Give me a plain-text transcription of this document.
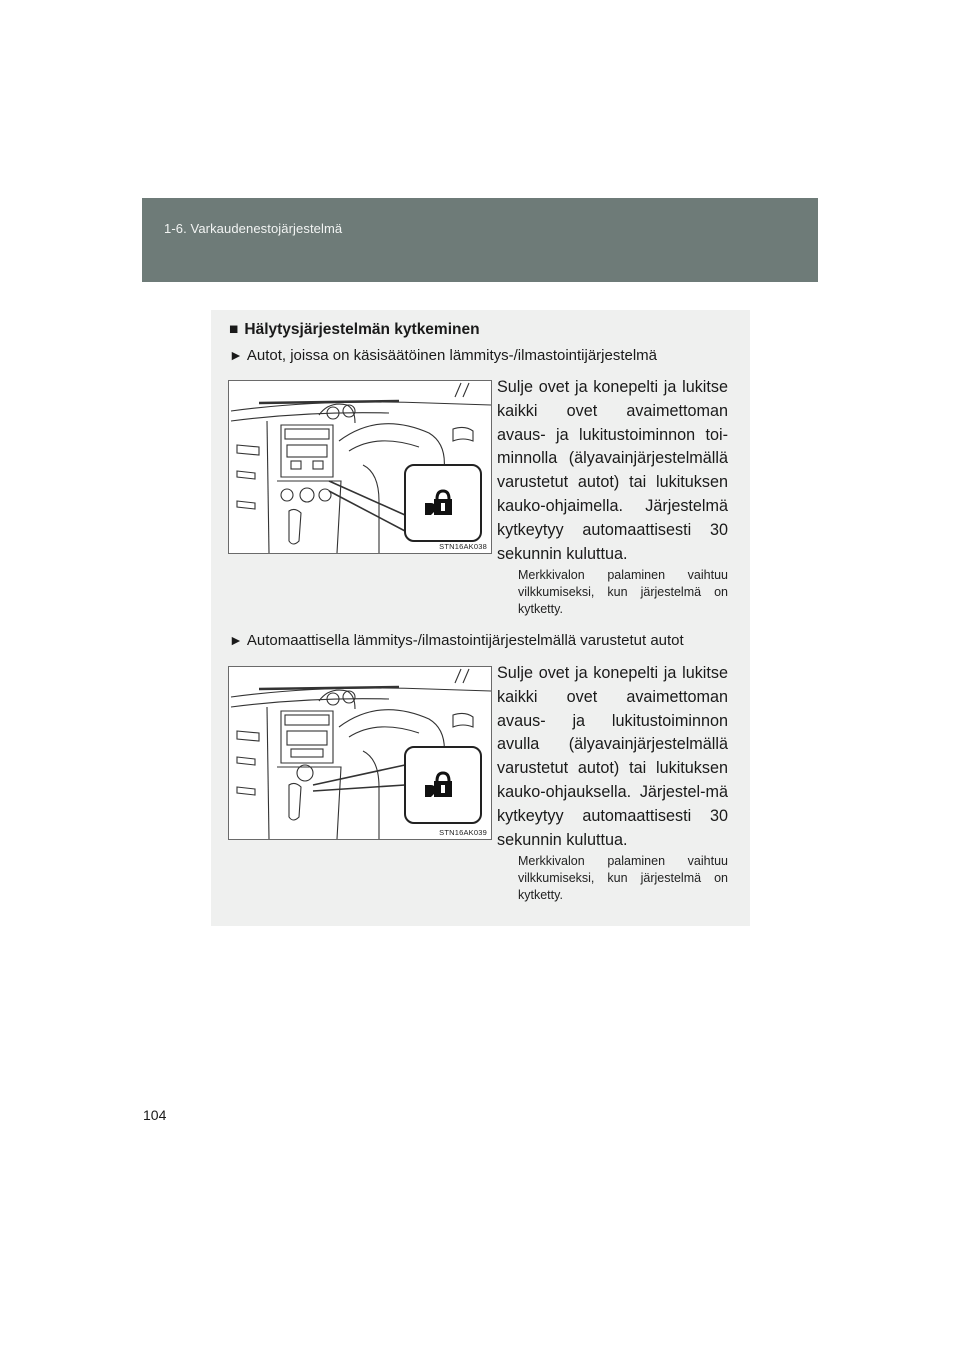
1-6. Varkaudenestojärjestelmä
■ Hälytysjärjestelmän kytkeminen
► Autot, joissa on käsisäätöinen lämmitys-/ilmastointijärjestelmä
STN16AK038
Sulje ovet ja konepelti ja lukitse kaikki ovet avaimettoman avaus- ja lukitustoiminnon toi-minnolla (älyavainjärjestelmällä varustetut autot) tai lukituksen kauko-ohjaimella. Järjestelmä kytkeytyy automaattisesti 30 sekunnin kuluttua.
Merkkivalon palaminen vaihtuu vilkkumiseksi, kun järjestelmä on kytketty.
► Automaattisella lämmitys-/ilmastointijärjestelmällä varustetut autot
STN16AK039
Sulje ovet ja konepelti ja lukitse kaikki ovet avaimettoman avaus- ja lukitustoiminnon avulla (älyavainjärjestelmällä varustetut autot) tai lukituksen kauko-ohjauksella. Järjestel-mä kytkeytyy automaattisesti 30 sekunnin kuluttua.
Merkkivalon palaminen vaihtuu vilkkumiseksi, kun järjestelmä on kytketty.
104
